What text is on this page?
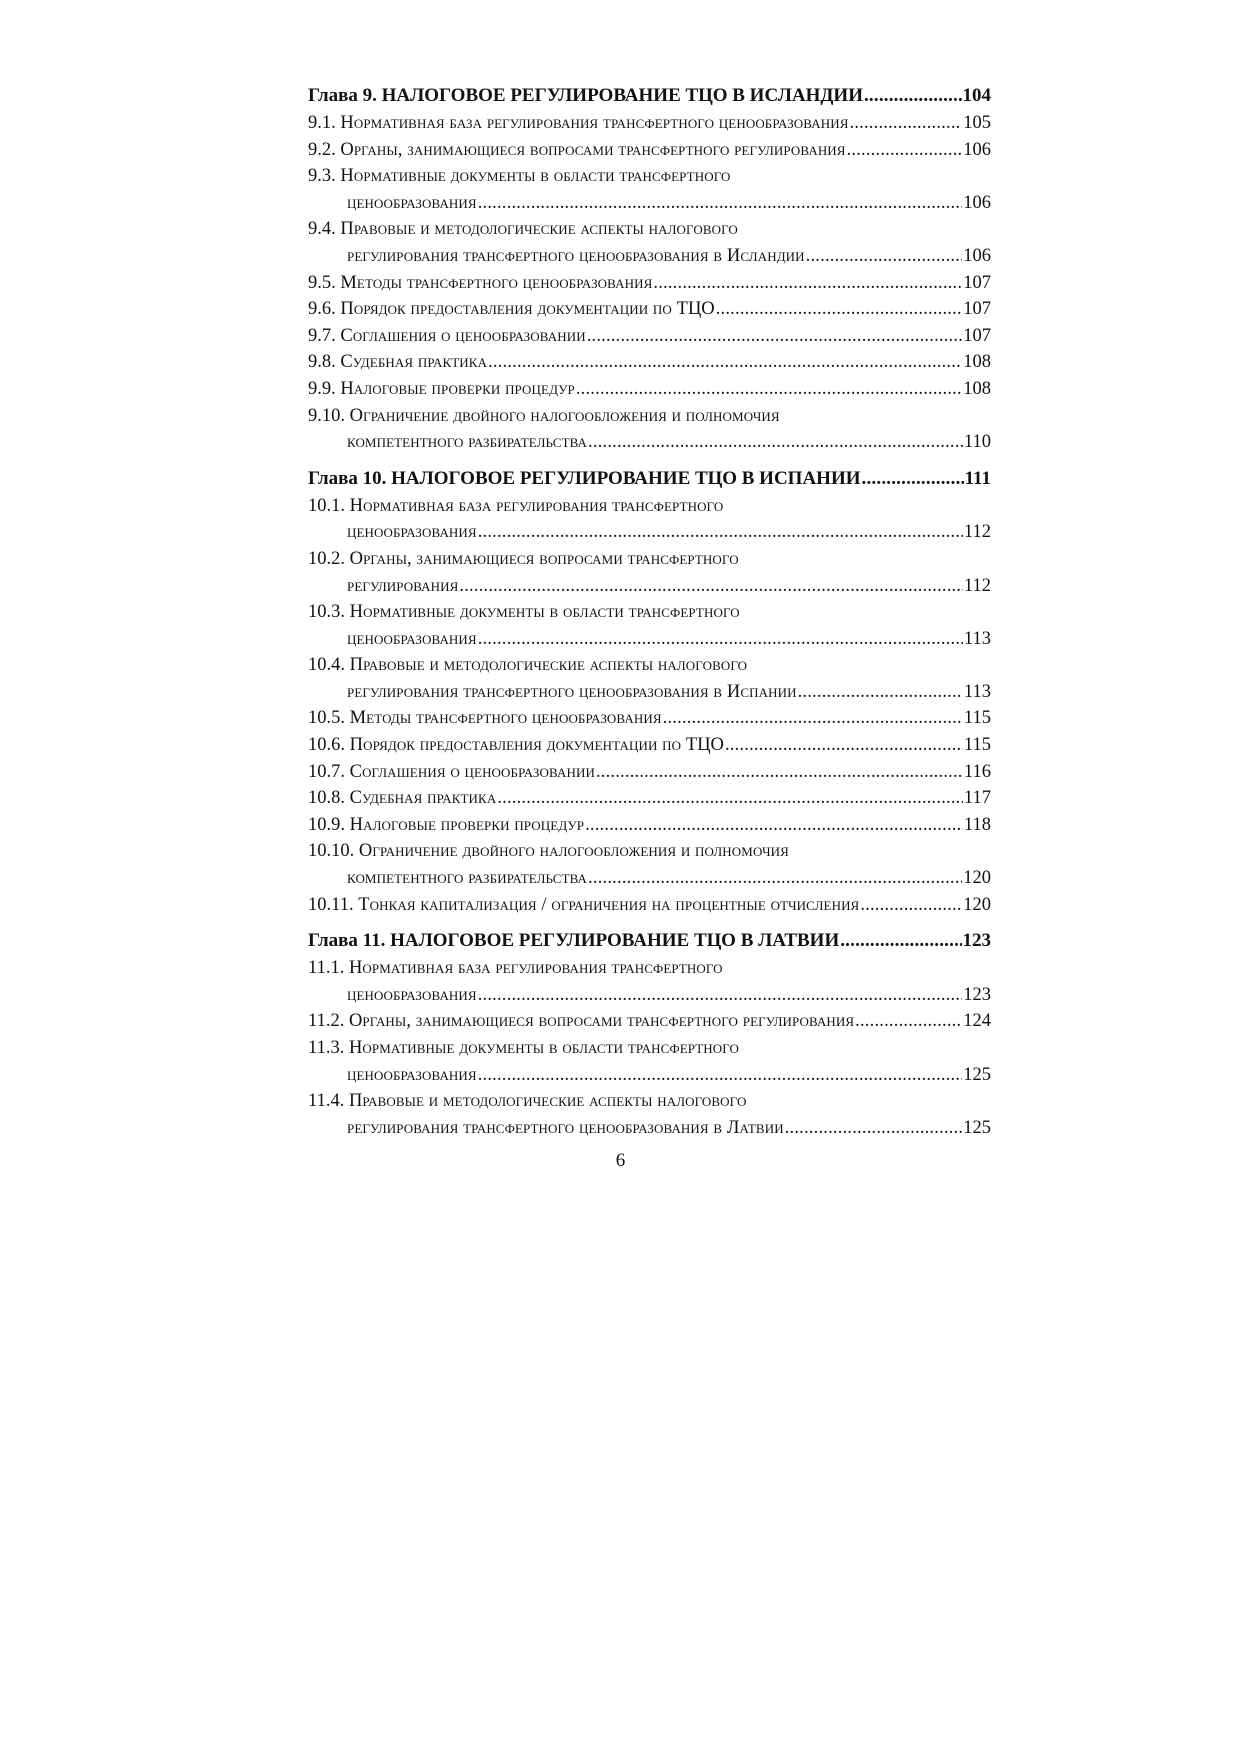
Глава 9. НАЛОГОВОЕ РЕГУЛИРОВАНИЕ ТЦО В ИСЛАНДИИ .....	104
9.1. Нормативная база регулирования трансфертного ценообразования .....	105
9.2. Органы, занимающиеся вопросами трансфертного регулирования .....	106
9.3. Нормативные документы в области трансфертного
ценообразования .....	106
9.4. Правовые и методологические аспекты налогового
регулирования трансфертного ценообразования в Исландии .....	106
9.5. Методы трансфертного ценообразования .....	107
9.6. Порядок предоставления документации по ТЦО .....	107
9.7. Соглашения о ценообразовании .....	107
9.8. Судебная практика .....	108
9.9. Налоговые проверки процедур .....	108
9.10. Ограничение двойного налогообложения и полномочия
компетентного разбирательства .....	110
Глава 10. НАЛОГОВОЕ РЕГУЛИРОВАНИЕ ТЦО В ИСПАНИИ .....	111
10.1. Нормативная база регулирования трансфертного
ценообразования .....	112
10.2. Органы, занимающиеся вопросами трансфертного
регулирования .....	112
10.3. Нормативные документы в области трансфертного
ценообразования .....	113
10.4. Правовые и методологические аспекты налогового
регулирования трансфертного ценообразования в Испании .....	113
10.5. Методы трансфертного ценообразования .....	115
10.6. Порядок предоставления документации по ТЦО .....	115
10.7. Соглашения о ценообразовании .....	116
10.8. Судебная практика .....	117
10.9. Налоговые проверки процедур .....	118
10.10. Ограничение двойного налогообложения и полномочия
компетентного разбирательства .....	120
10.11. Тонкая капитализация / ограничения на процентные отчисления .....	120
Глава 11. НАЛОГОВОЕ РЕГУЛИРОВАНИЕ ТЦО В ЛАТВИИ .....	123
11.1. Нормативная база регулирования трансфертного
ценообразования .....	123
11.2. Органы, занимающиеся вопросами трансфертного регулирования .....	124
11.3. Нормативные документы в области трансфертного
ценообразования .....	125
11.4. Правовые и методологические аспекты налогового
регулирования трансфертного ценообразования в Латвии .....	125
6
